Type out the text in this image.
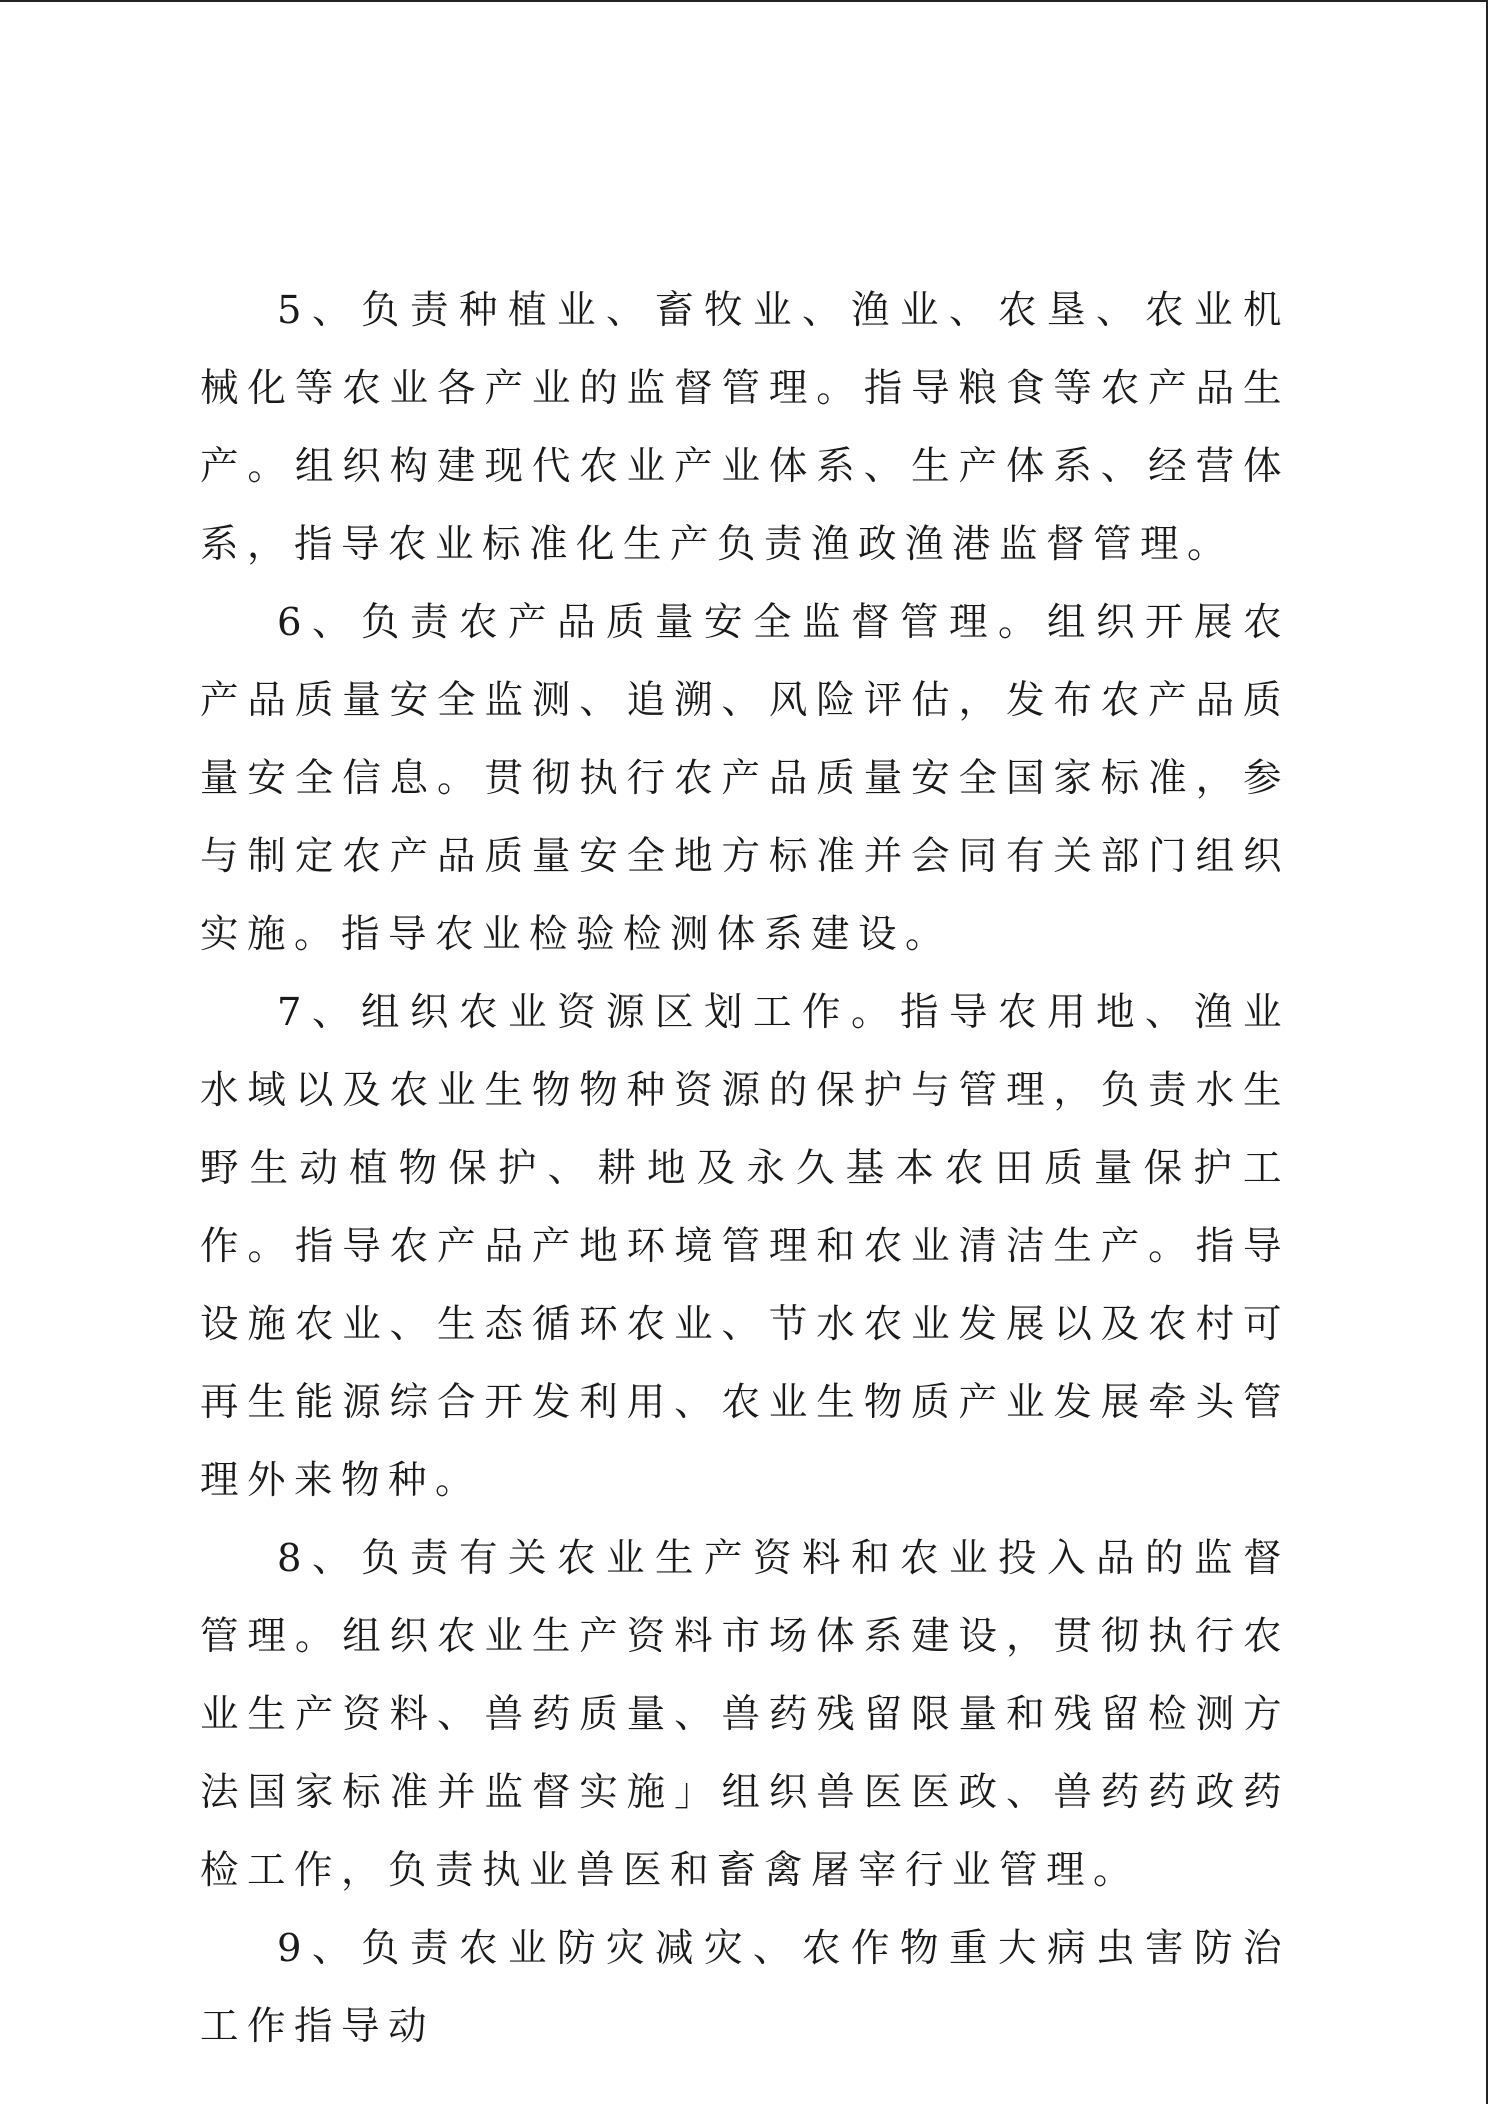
5、负责种植业、畜牧业、渔业、农垦、农业机械化等农业各产业的监督管理。指导粮食等农产品生产。组织构建现代农业产业体系、生产体系、经营体系，指导农业标准化生产负责渔政渔港监督管理。

6、负责农产品质量安全监督管理。组织开展农产品质量安全监测、追溯、风险评估，发布农产品质量安全信息。贯彻执行农产品质量安全国家标准，参与制定农产品质量安全地方标准并会同有关部门组织实施。指导农业检验检测体系建设。

7、组织农业资源区划工作。指导农用地、渔业水域以及农业生物物种资源的保护与管理，负责水生野生动植物保护、耕地及永久基本农田质量保护工作。指导农产品产地环境管理和农业清洁生产。指导设施农业、生态循环农业、节水农业发展以及农村可再生能源综合开发利用、农业生物质产业发展牵头管理外来物种。

8、负责有关农业生产资料和农业投入品的监督管理。组织农业生产资料市场体系建设，贯彻执行农业生产资料、兽药质量、兽药残留限量和残留检测方法国家标准并监督实施」组织兽医医政、兽药药政药检工作，负责执业兽医和畜禽屠宰行业管理。

9、负责农业防灾减灾、农作物重大病虫害防治工作指导动
